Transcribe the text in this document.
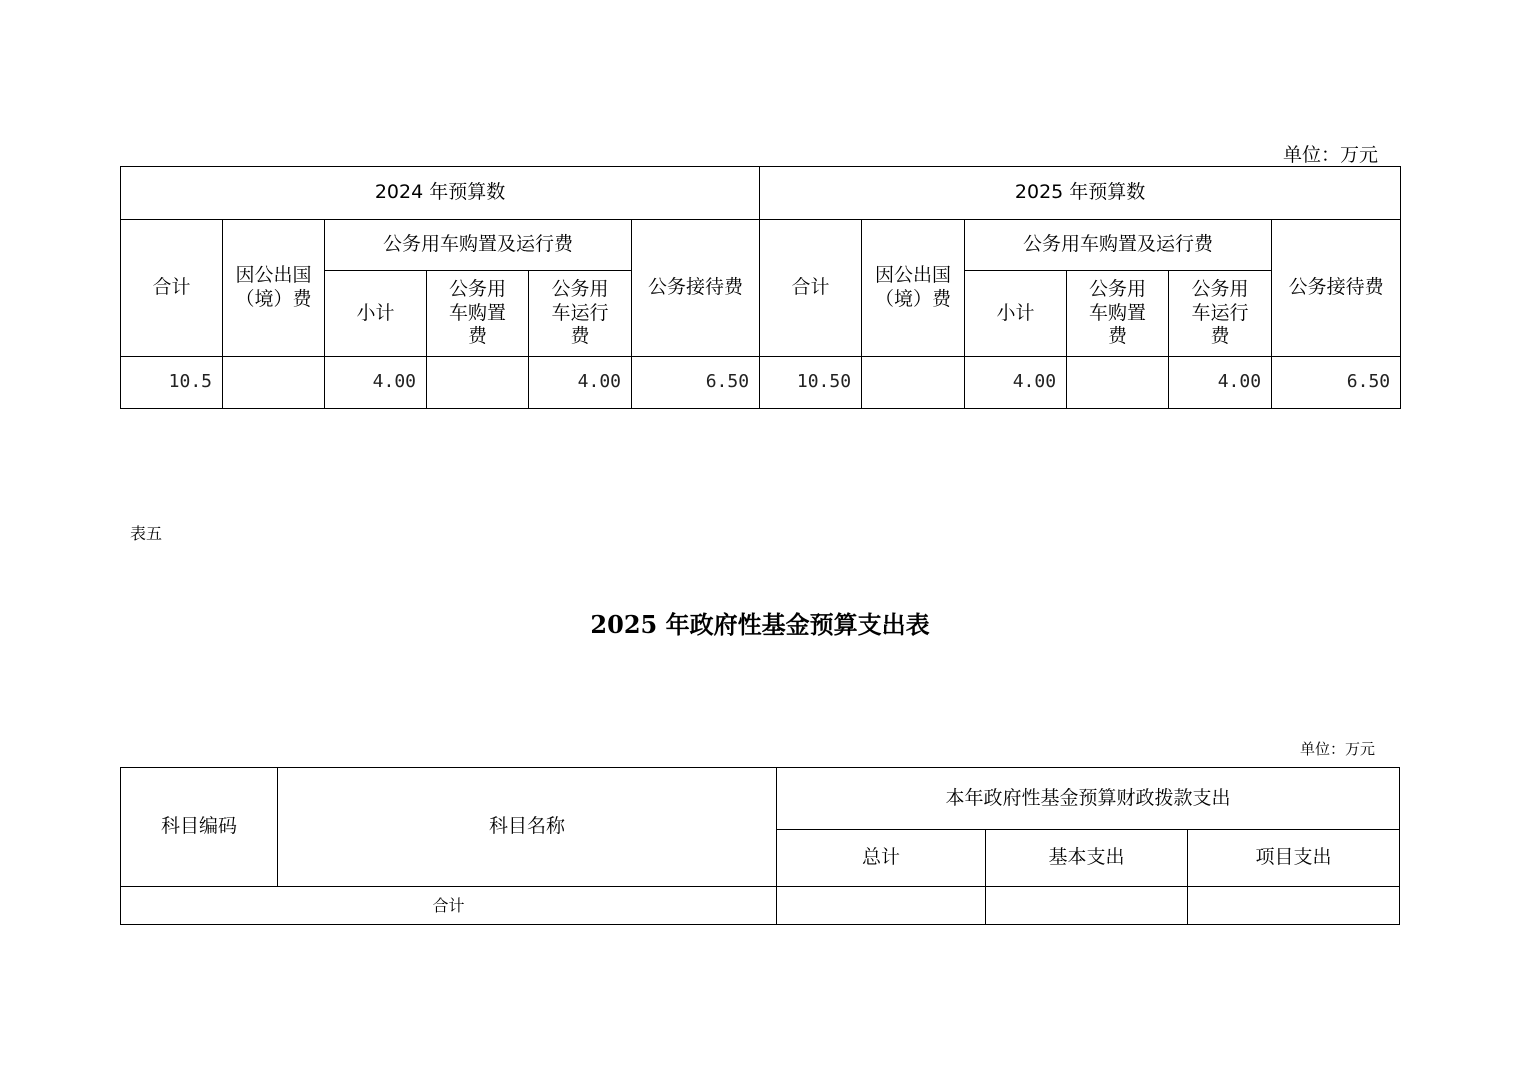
单位：万元
2024 年预算数						2025 年预算数					
合计	因公出国（境）费	公务用车购置及运行费			公务接待费	合计	因公出国（境）费	公务用车购置及运行费			公务接待费
		小计	公务用车购置费	公务用车运行费				小计	公务用车购置费	公务用车运行费	
10.5		4.00		4.00	6.50	10.50		4.00		4.00	6.50
表五
2025 年政府性基金预算支出表
单位：万元
科目编码	科目名称	本年政府性基金预算财政拨款支出		
		总计	基本支出	项目支出
合计				
